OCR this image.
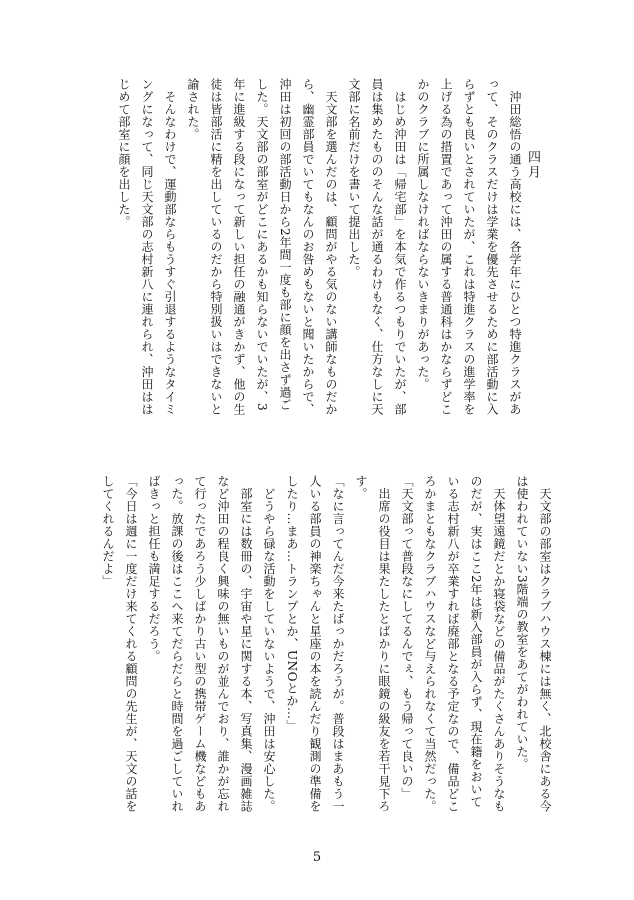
四月
　沖田総悟の通う高校には、各学年にひとつ特進クラスがあ
って、そのクラスだけは学業を優先させるために部活動に入
らずとも良いとされていたが、これは特進クラスの進学率を
上げる為の措置であって沖田の属する普通科はかならずどこ
かのクラブに所属しなければならないきまりがあった。
　はじめ沖田は「帰宅部」を本気で作るつもりでいたが、部
員は集めたもののそんな話が通るわけもなく、仕方なしに天
文部に名前だけを書いて提出した。
　天文部を選んだのは、顧問がやる気のない講師なものだか
ら、幽霊部員でいてもなんのお咎めもないと聞いたからで、
沖田は初回の部活動日から2年間一度も部に顔を出さず過ご
した。天文部の部室がどこにあるかも知らないでいたが、3
年に進級する段になって新しい担任の融通がきかず、他の生
徒は皆部活に精を出しているのだから特別扱いはできないと
諭された。
　そんなわけで、運動部ならもうすぐ引退するようなタイミ
ングになって、同じ天文部の志村新八に連れられ、沖田はは
じめて部室に顔を出した。
　天文部の部室はクラブハウス棟には無く、北校舎にある今
は使われていない3階端の教室をあてがわれていた。
　天体望遠鏡だとか寝袋などの備品がたくさんありそうなも
のだが、実はここ2年は新入部員が入らず、現在籍をおいて
いる志村新八が卒業すれば廃部となる予定なので、備品どこ
ろかまともなクラブハウスなど与えられなくて当然だった。
「天文部って普段なにしてるんでぇ、もう帰って良いの」
　出席の役目は果たしたとばかりに眼鏡の級友を若干見下ろ
す。
「なに言ってんだ今来たばっかだろうが。普段はまあもう一
人いる部員の神楽ちゃんと星座の本を読んだり観測の準備を
したり…まあ…トランプとか、UNOとか…」
　どうやら碌な活動をしていないようで、沖田は安心した。
　部室には数冊の、宇宙や星に関する本、写真集、漫画雑誌
など沖田の程良く興味の無いものが並んでおり、誰かが忘れ
て行ったであろう少しばかり古い型の携帯ゲーム機などもあ
った。放課の後はここへ来てだらだらと時間を過ごしていれ
ばきっと担任も満足するだろう。
「今日は週に一度だけ来てくれる顧問の先生が、天文の話を
してくれるんだよ」
5
